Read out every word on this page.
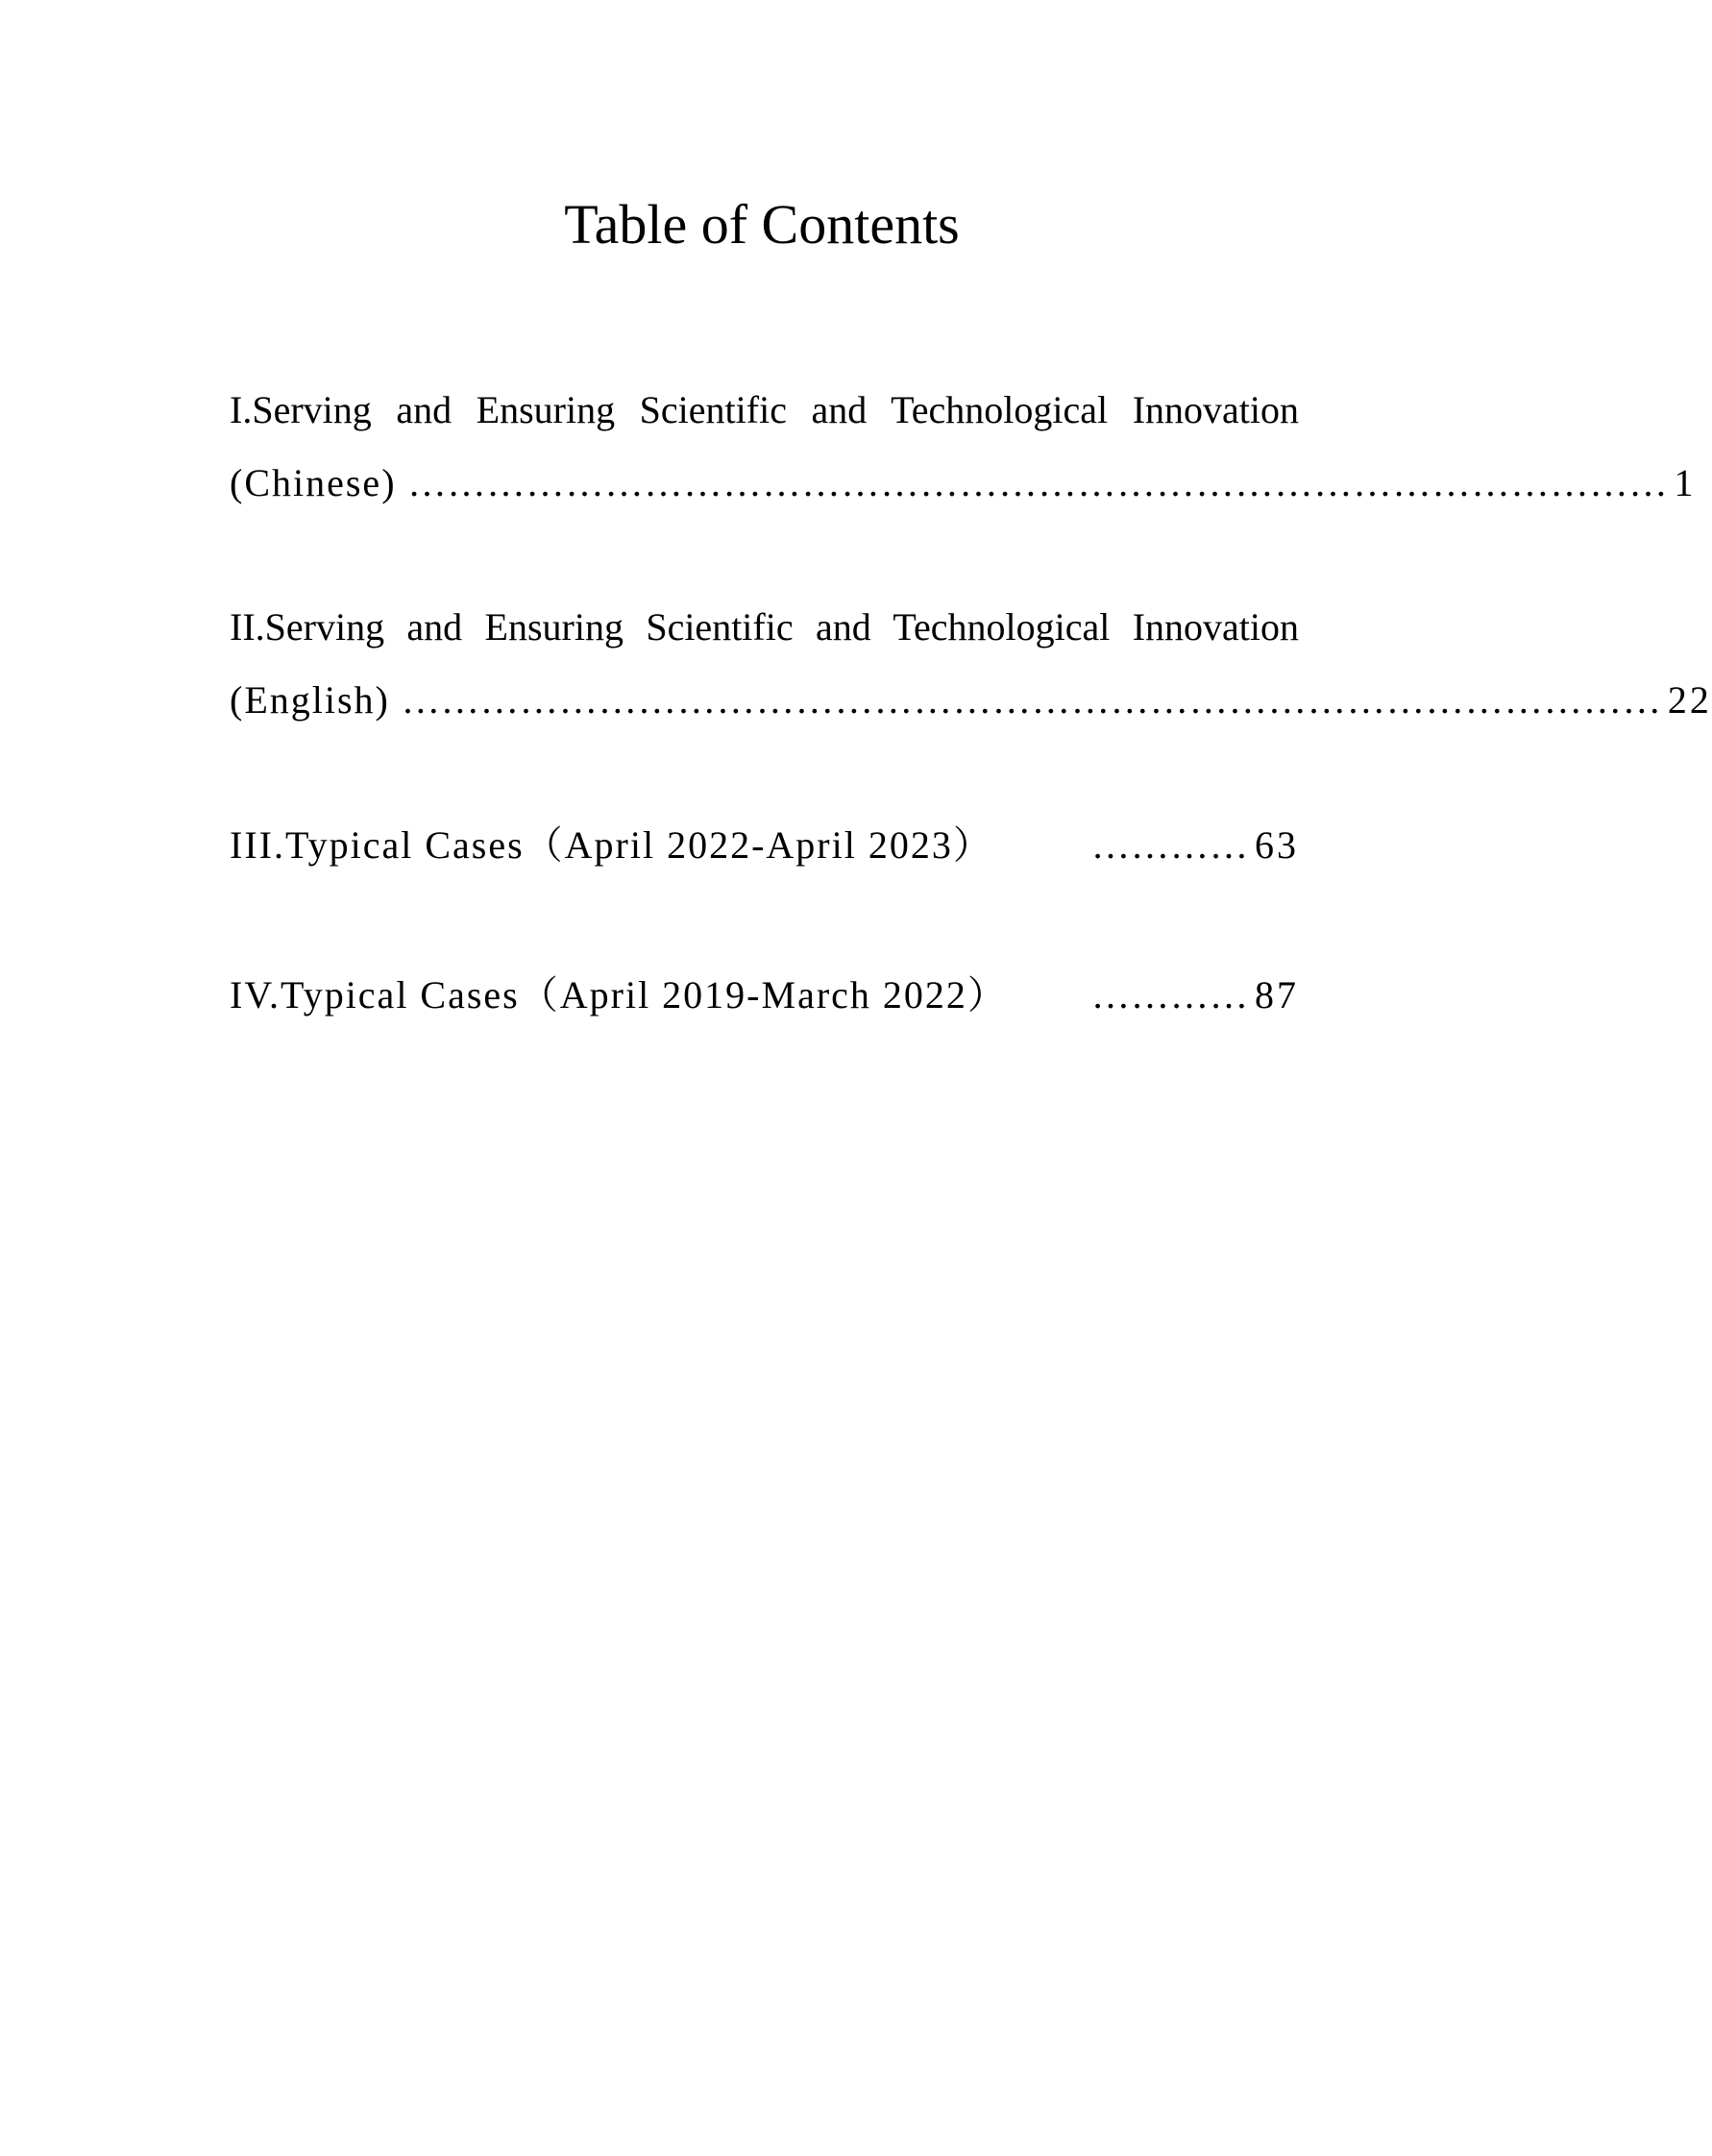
Table of Contents
I.Serving and Ensuring Scientific and Technological Innovation
(Chinese) …………………………………………………………………………………… 1
II.Serving and Ensuring Scientific and Technological Innovation
(English) …………………………………………………………………………………… 22
III.Typical Cases（April 2022-April 2023）	………… 63
IV.Typical Cases（April 2019-March 2022）	………… 87
